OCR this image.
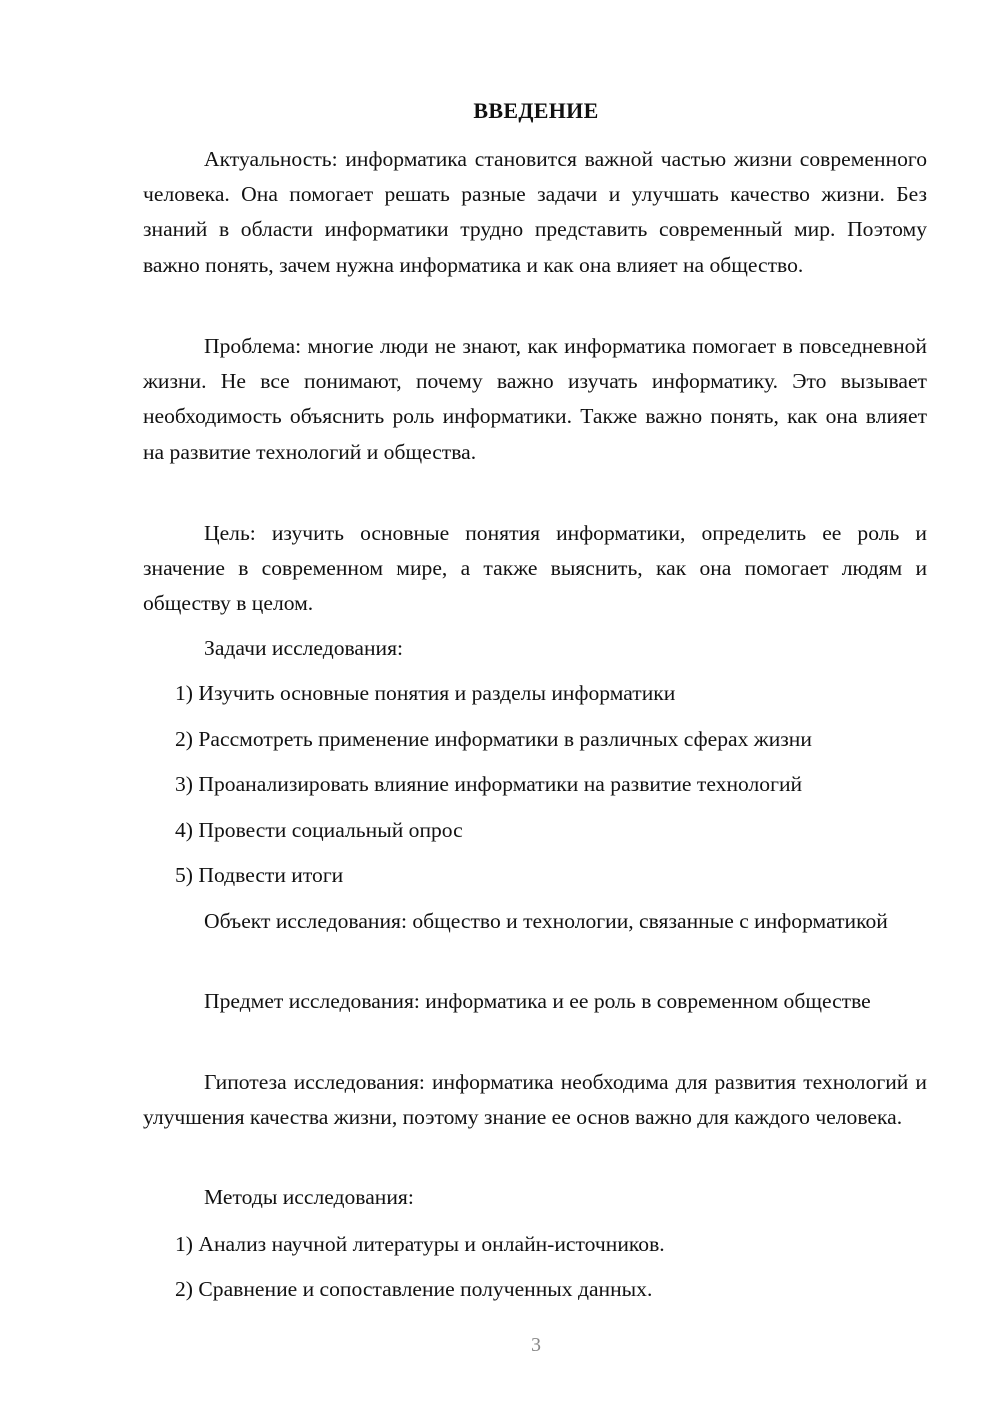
ВВЕДЕНИЕ

Актуальность: информатика становится важной частью жизни современного человека. Она помогает решать разные задачи и улучшать качество жизни. Без знаний в области информатики трудно представить современный мир. Поэтому важно понять, зачем нужна информатика и как она влияет на общество.

Проблема: многие люди не знают, как информатика помогает в повседневной жизни. Не все понимают, почему важно изучать информатику. Это вызывает необходимость объяснить роль информатики. Также важно понять, как она влияет на развитие технологий и общества.

Цель: изучить основные понятия информатики, определить ее роль и значение в современном мире, а также выяснить, как она помогает людям и обществу в целом.

Задачи исследования:

1) Изучить основные понятия и разделы информатики

2) Рассмотреть применение информатики в различных сферах жизни

3) Проанализировать влияние информатики на развитие технологий

4) Провести социальный опрос

5) Подвести итоги

Объект исследования: общество и технологии, связанные с информатикой

Предмет исследования: информатика и ее роль в современном обществе

Гипотеза исследования: информатика необходима для развития технологий и улучшения качества жизни, поэтому знание ее основ важно для каждого человека.

Методы исследования:

1) Анализ научной литературы и онлайн-источников.

2) Сравнение и сопоставление полученных данных.

3
